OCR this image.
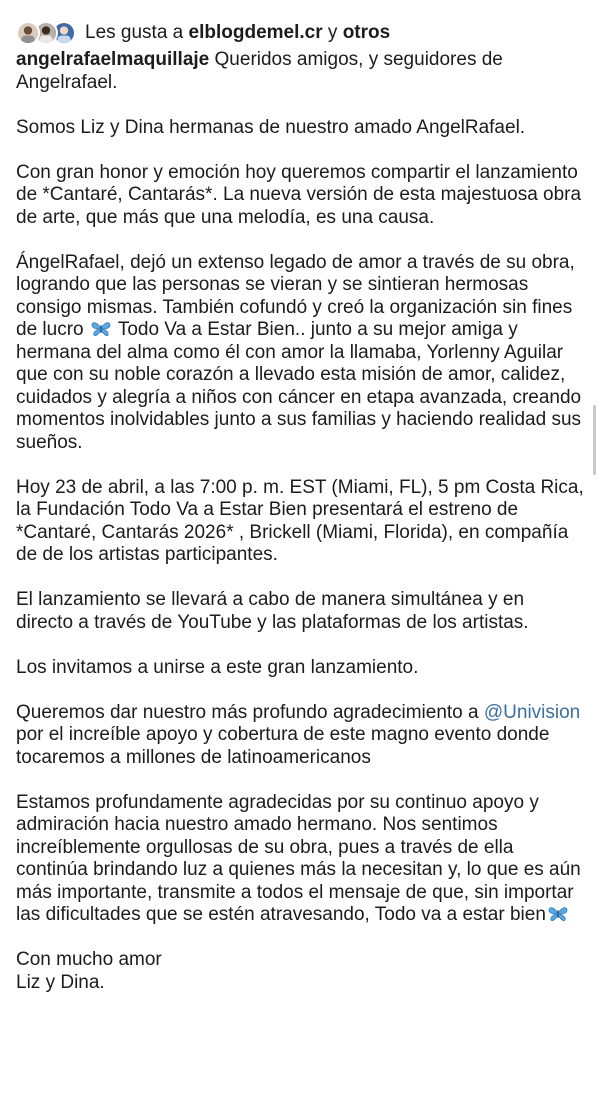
Les gusta a elblogdemel.cr y otros

angelrafaelmaquillaje Queridos amigos, y seguidores de Angelrafael.

Somos Liz y Dina hermanas de nuestro amado AngelRafael.

Con gran honor y emoción hoy queremos compartir el lanzamiento de *Cantaré, Cantarás*. La nueva versión de esta majestuosa obra de arte, que más que una melodía, es una causa.

ÁngelRafael, dejó un extenso legado de amor a través de su obra, logrando que las personas se vieran y se sintieran hermosas consigo mismas. También cofundó y creó la organización sin fines de lucro
Todo Va a Estar Bien.. junto a su mejor amiga y hermana del alma como él con amor la llamaba, Yorlenny Aguilar que con su noble corazón a llevado esta misión de amor, calidez, cuidados y alegría a niños con cáncer en etapa avanzada, creando momentos inolvidables junto a sus familias y haciendo realidad sus sueños.

Hoy 23 de abril, a las 7:00 p. m. EST (Miami, FL), 5 pm Costa Rica, la Fundación Todo Va a Estar Bien presentará el estreno de *Cantaré, Cantarás 2026* , Brickell (Miami, Florida), en compañía de de los artistas participantes.

El lanzamiento se llevará a cabo de manera simultánea y en directo a través de YouTube y las plataformas de los artistas.

Los invitamos a unirse a este gran lanzamiento.

Queremos dar nuestro más profundo agradecimiento a @Univision por el increíble apoyo y cobertura de este magno evento donde tocaremos a millones de latinoamericanos

Estamos profundamente agradecidas por su continuo apoyo y admiración hacia nuestro amado hermano. Nos sentimos increíblemente orgullosas de su obra, pues a través de ella continúa brindando luz a quienes más la necesitan y, lo que es aún más importante, transmite a todos el mensaje de que, sin importar las dificultades que se estén atravesando, Todo va a estar bien

Con mucho amor
Liz y Dina.
